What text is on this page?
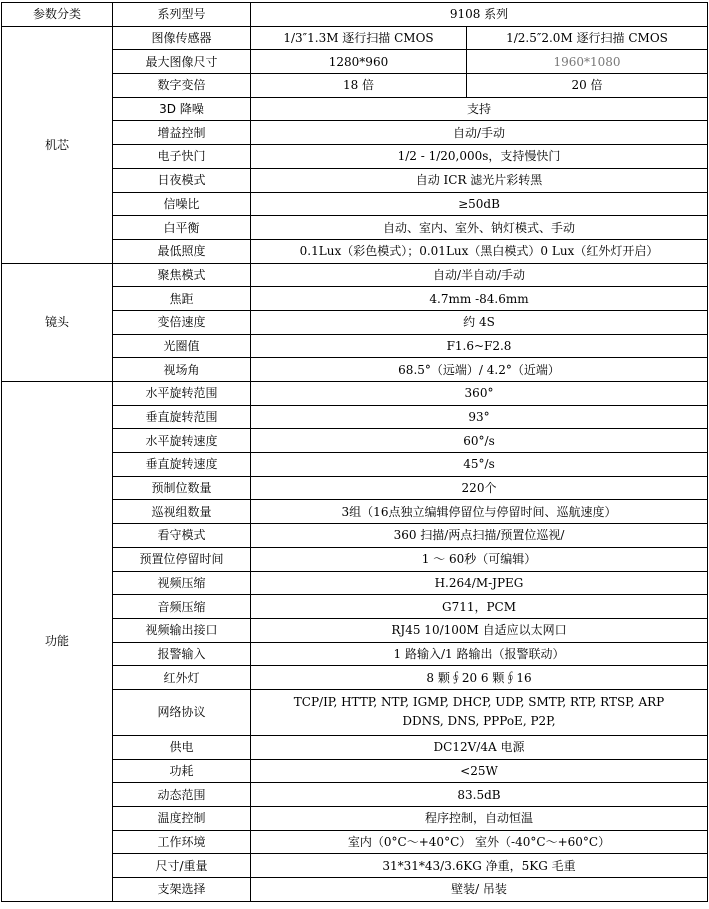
参数分类	系列型号	9108 系列	
机芯	图像传感器	1/3″1.3M 逐行扫描 CMOS	1/2.5″2.0M 逐行扫描 CMOS
	最大图像尺寸	1280*960	1960*1080
	数字变倍	18 倍	20 倍
	3D 降噪	支持	
	增益控制	自动/手动	
	电子快门	1/2 - 1/20,000s，支持慢快门	
	日夜模式	自动 ICR 滤光片彩转黑	
	信噪比	≥50dB	
	白平衡	自动、室内、室外、钠灯模式、手动	
	最低照度	0.1Lux（彩色模式）；0.01Lux（黑白模式）0 Lux（红外灯开启）	
镜头	聚焦模式	自动/半自动/手动	
	焦距	4.7mm -84.6mm	
	变倍速度	约 4S	
	光圈值	F1.6~F2.8	
	视场角	68.5°（远端）/ 4.2°（近端）	
功能	水平旋转范围	360°	
	垂直旋转范围	93°	
	水平旋转速度	60°/s	
	垂直旋转速度	45°/s	
	预制位数量	220个	
	巡视组数量	3组（16点独立编辑停留位与停留时间、巡航速度）	
	看守模式	360 扫描/两点扫描/预置位巡视/	
	预置位停留时间	1 ～ 60秒（可编辑）	
	视频压缩	H.264/M-JPEG	
	音频压缩	G711，PCM	
	视频输出接口	RJ45 10/100M 自适应以太网口	
	报警输入	1 路输入/1 路输出（报警联动）	
	红外灯	8 颗∮20 6 颗∮16	
	网络协议	TCP/IP, HTTP, NTP, IGMP, DHCP, UDP, SMTP, RTP, RTSP, ARP
DDNS, DNS, PPPoE, P2P,	

	供电	DC12V/4A 电源	
	功耗	<25W	
	动态范围	83.5dB	
	温度控制	程序控制，自动恒温	
	工作环境	室内（0°C～+40°C） 室外（-40°C～+60°C）	
	尺寸/重量	31*31*43/3.6KG 净重，5KG 毛重	
	支架选择	壁装/ 吊装	
